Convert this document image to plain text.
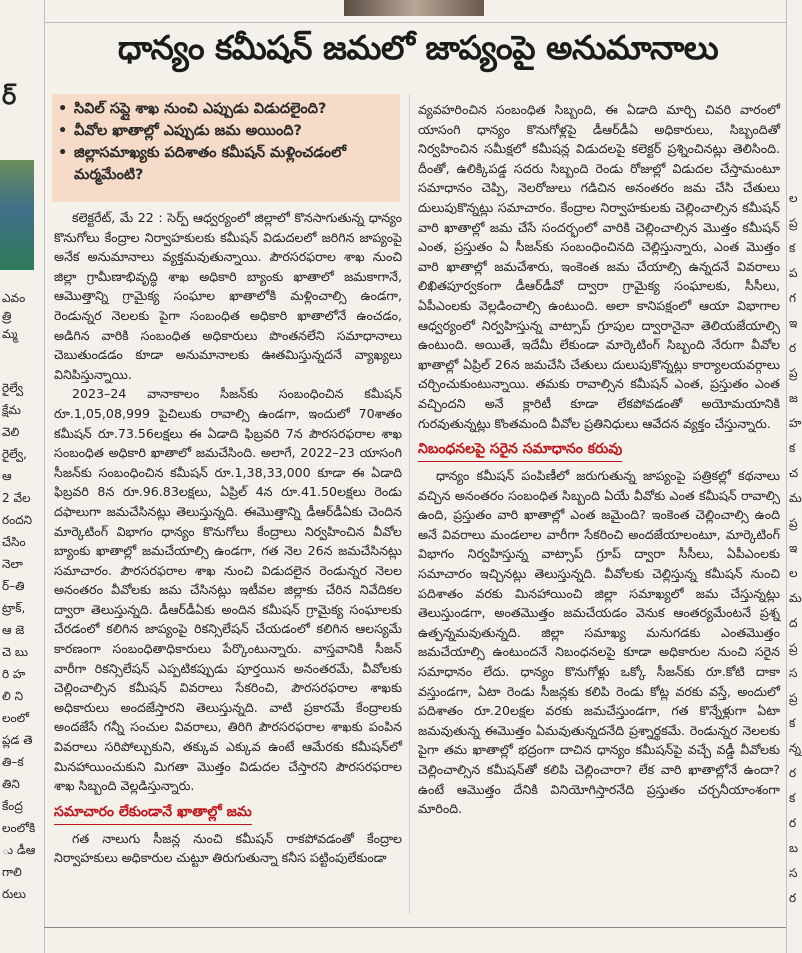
ర్
ఎవం
త్రి
మ్మ
రైల్వే
క్షేమ
వెలి
రైల్వే,
ఆ
2 వేల
రందని
చేసిం
నెలా
ర్–తి
ట్రాక్,
ఆ జె
చె బు
రి హ
లి ని
లంలో
ప్లడ తె
తి–క
తిని
కేంద్ర
లంలోకి
ు డీఆ
గాలి
రులు
ల
ప్ర
క
ప
గ
ఇ
ర
ప్ర
జ
హ
క
చ
మ
ప్ర
ఇ
ల
మ
ద
ప్ర
స
ప్ర
క
న్న
ర
క
ర
బ
స
ర
ధాన్యం కమీషన్ జమలో జాప్యంపై అనుమానాలు
• సివిల్ సప్లై శాఖ నుంచి ఎప్పుడు విడుదలైంది?
• వీవోల ఖాతాల్లో ఎప్పుడు జమ అయింది?
• జిల్లాసమాఖ్యకు పదిశాతం కమీషన్ మళ్లించడంలో మర్మమేంటి?

కలెక్టరేట్, మే 22 : సెర్ప్ ఆధ్వర్యంలో జిల్లాలో కొనసాగుతున్న ధాన్యం కొనుగోలు కేంద్రాల నిర్వాహకులకు కమీషన్ విడుదలలో జరిగిన జాప్యంపై అనేక అనుమానాలు వ్యక్తమవుతున్నాయి. పౌరసరఫరాల శాఖ నుంచి జిల్లా గ్రామీణాభివృద్ధి శాఖ అధికారి బ్యాంకు ఖాతాలో జమకాగానే, ఆమొత్తాన్ని గ్రామైక్య సంఘాల ఖాతాలోకి మళ్లించాల్సి ఉండగా, రెండున్నర నెలలకు పైగా సంబంధిత అధికారి ఖాతాలోనే ఉంచడం, అడిగిన వారికి సంబంధిత అధికారులు పొంతనలేని సమాధానాలు చెబుతుండడం కూడా అనుమానాలకు ఊతమిస్తున్నదనే వ్యాఖ్యలు వినిపిస్తున్నాయి.

2023–24 వానాకాలం సీజన్‌కు సంబంధించిన కమీషన్ రూ.1,05,08,999 పైచిలుకు రావాల్సి ఉండగా, ఇందులో 70శాతం కమీషన్ రూ.73.56లక్షలు ఈ ఏడాది ఫిబ్రవరి 7న పౌరసరఫరాల శాఖ సంబంధిత అధికారి ఖాతాలో జమచేసింది. అలాగే, 2022–23 యాసంగి సీజన్‌కు సంబంధించిన కమీషన్ రూ.1,38,33,000 కూడా ఈ ఏడాది ఫిబ్రవరి 8న రూ.96.83లక్షలు, ఏప్రిల్ 4న రూ.41.50లక్షలు రెండు దఫాలుగా జమచేసినట్లు తెలుస్తున్నది. ఈమొత్తాన్ని డీఆర్‌డీఏకు చెందిన మార్కెటింగ్ విభాగం ధాన్యం కొనుగోలు కేంద్రాలు నిర్వహించిన వీవోల బ్యాంకు ఖాతాల్లో జమచేయాల్సి ఉండగా, గత నెల 26న జమచేసినట్లు సమాచారం. పౌరసరఫరాల శాఖ నుంచి విడుదలైన రెండున్నర నెలల అనంతరం వీవోలకు జమ చేసినట్లు ఇటీవల జిల్లాకు చేరిన నివేదికల ద్వారా తెలుస్తున్నది. డీఆర్‌డీఏకు అందిన కమీషన్ గ్రామైక్య సంఘాలకు చేరడంలో కలిగిన జాప్యంపై రికన్సిలేషన్ చేయడంలో కలిగిన ఆలస్యమే కారణంగా సంబంధితాధికారులు పేర్కొంటున్నారు. వాస్తవానికి సీజన్ వారీగా రికన్సిలేషన్ ఎప్పటికప్పుడు పూర్తయిన అనంతరమే, వీవోలకు చెల్లించాల్సిన కమీషన్ వివరాలు సేకరించి, పౌరసరఫరాల శాఖకు అధికారులు అందజేస్తారని తెలుస్తున్నది. వాటి ప్రకారమే కేంద్రాలకు అందజేసే గన్నీ సంచుల వివరాలు, తిరిగి పౌరసరఫరాల శాఖకు పంపిన వివరాలు సరిపోల్చుకుని, తక్కువ ఎక్కువ ఉంటే ఆమేరకు కమీషన్‌లో మినహాయించుకుని మిగతా మొత్తం విడుదల చేస్తారని పౌరసరఫరాల శాఖ సిబ్బంది వెల్లడిస్తున్నారు.

సమాచారం లేకుండానే ఖాతాల్లో జమ

గత నాలుగు సీజన్ల నుంచి కమీషన్ రాకపోవడంతో కేంద్రాల నిర్వాహకులు అధికారుల చుట్టూ తిరుగుతున్నా కనీస పట్టింపులేకుండా

వ్యవహరించిన సంబంధిత సిబ్బంది, ఈ ఏడాది మార్చి చివరి వారంలో యాసంగి ధాన్యం కొనుగోళ్లపై డీఆర్‌డీఏ అధికారులు, సిబ్బందితో నిర్వహించిన సమీక్షలో కమీషన్ల విడుదలపై కలెక్టర్ ప్రశ్నించినట్లు తెలిసింది. దీంతో, ఉలిక్కిపడ్డ సదరు సిబ్బంది రెండు రోజుల్లో విడుదల చేస్తామంటూ సమాధానం చెప్పి, నెలరోజులు గడిచిన అనంతరం జమ చేసి చేతులు దులుపుకొన్నట్లు సమాచారం. కేంద్రాల నిర్వాహకులకు చెల్లించాల్సిన కమీషన్ వారి ఖాతాల్లో జమ చేసే సందర్భంలో వారికి చెల్లించాల్సిన మొత్తం కమీషన్ ఎంత, ప్రస్తుతం ఏ సీజన్‌కు సంబంధించినది చెల్లిస్తున్నారు, ఎంత మొత్తం వారి ఖాతాల్లో జమచేశారు, ఇంకెంత జమ చేయాల్సి ఉన్నదనే వివరాలు లిఖితపూర్వకంగా డీఆర్‌డీవో ద్వారా గ్రామైక్య సంఘాలకు, సీసీలు, ఏపీఎంలకు వెల్లడించాల్సి ఉంటుంది. అలా కానిపక్షంలో ఆయా విభాగాల ఆధ్వర్యంలో నిర్వహిస్తున్న వాట్సాప్ గ్రూపుల ద్వారానైనా తెలియజేయాల్సి ఉంటుంది. అయితే, ఇదేమీ లేకుండా మార్కెటింగ్ సిబ్బంది నేరుగా వీవోల ఖాతాల్లో ఏప్రిల్ 26న జమచేసి చేతులు దులుపుకొన్నట్లు కార్యాలయవర్గాలు చర్చించుకుంటున్నాయి. తమకు రావాల్సిన కమీషన్ ఎంత, ప్రస్తుతం ఎంత వచ్చిందని అనే క్లారిటీ కూడా లేకపోవడంతో అయోమయానికి గురవుతున్నట్లు కొంతమంది వీవోల ప్రతినిధులు ఆవేదన వ్యక్తం చేస్తున్నారు.

నిబంధనలపై సరైన సమాధానం కరువు

ధాన్యం కమీషన్ పంపిణీలో జరుగుతున్న జాప్యంపై పత్రికల్లో కథనాలు వచ్చిన అనంతరం సంబంధిత సిబ్బంది ఏయే వీవోకు ఎంత కమీషన్ రావాల్సి ఉంది, ప్రస్తుతం వారి ఖాతాల్లో ఎంత జమైంది? ఇంకెంత చెల్లించాల్సి ఉంది అనే వివరాలు మండలాల వారీగా సేకరించి అందజేయాలంటూ, మార్కెటింగ్ విభాగం నిర్వహిస్తున్న వాట్సాప్ గ్రూప్ ద్వారా సీసీలు, ఏపీఎంలకు సమాచారం ఇచ్చినట్లు తెలుస్తున్నది. వీవోలకు చెల్లిస్తున్న కమీషన్ నుంచి పదిశాతం వరకు మినహాయించి జిల్లా సమాఖ్యలో జమ చేస్తున్నట్లు తెలుస్తుండగా, అంతమొత్తం జమచేయడం వెనుక ఆంతర్యమేంటనే ప్రశ్న ఉత్పన్నమవుతున్నది. జిల్లా సమాఖ్య మనుగడకు ఎంతమొత్తం జమచేయాల్సి ఉంటుందనే నిబంధనలపై కూడా అధికారుల నుంచి సరైన సమాధానం లేదు. ధాన్యం కొనుగోళ్లు ఒక్కో సీజన్‌కు రూ.కోటి దాకా వస్తుండగా, ఏటా రెండు సీజన్లకు కలిపి రెండు కోట్ల వరకు వస్తే, అందులో పదిశాతం రూ.20లక్షల వరకు జమచేస్తుండగా, గత కొన్నేళ్లుగా ఏటా జమవుతున్న ఈమొత్తం ఏమవుతున్నదనేది ప్రశ్నార్థకమే. రెండున్నర నెలలకు పైగా తమ ఖాతాల్లో భద్రంగా దాచిన ధాన్యం కమీషన్‌పై వచ్చే వడ్డీ వీవోలకు చెల్లించాల్సిన కమీషన్‌తో కలిపి చెల్లించారా? లేక వారి ఖాతాల్లోనే ఉందా? ఉంటే ఆమొత్తం దేనికి వినియోగిస్తారనేది ప్రస్తుతం చర్చనీయాంశంగా మారింది.
